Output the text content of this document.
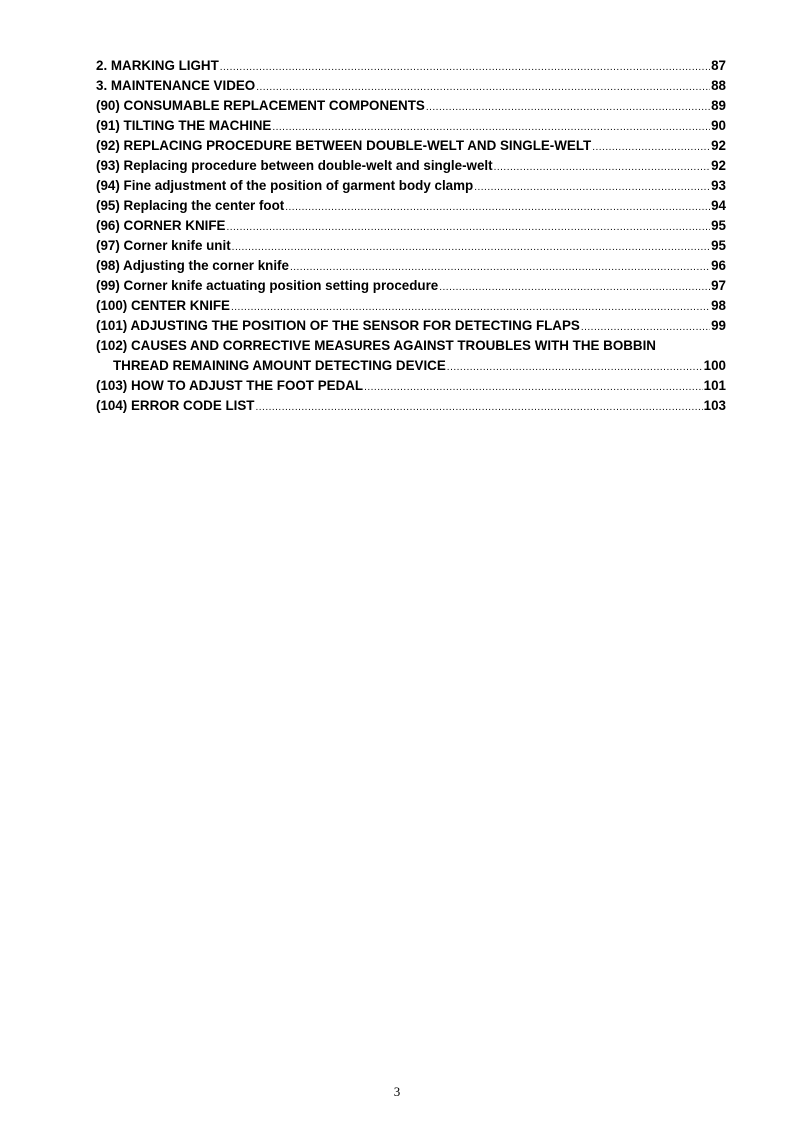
2. MARKING LIGHT .....	87
3. MAINTENANCE VIDEO .....	88
(90) CONSUMABLE REPLACEMENT COMPONENTS .....	89
(91) TILTING THE MACHINE .....	90
(92) REPLACING PROCEDURE BETWEEN DOUBLE-WELT AND SINGLE-WELT .....	92
(93) Replacing procedure between double-welt and single-welt .....	92
(94) Fine adjustment of the position of garment body clamp .....	93
(95) Replacing the center foot .....	94
(96) CORNER KNIFE .....	95
(97) Corner knife unit .....	95
(98) Adjusting the corner knife .....	96
(99) Corner knife actuating position setting procedure .....	97
(100) CENTER KNIFE .....	98
(101) ADJUSTING THE POSITION OF THE SENSOR FOR DETECTING FLAPS .....	99
(102) CAUSES AND CORRECTIVE MEASURES AGAINST TROUBLES WITH THE BOBBIN
THREAD REMAINING AMOUNT DETECTING DEVICE .....	100
(103) HOW TO ADJUST THE FOOT PEDAL .....	101
(104) ERROR CODE LIST .....	103
3
